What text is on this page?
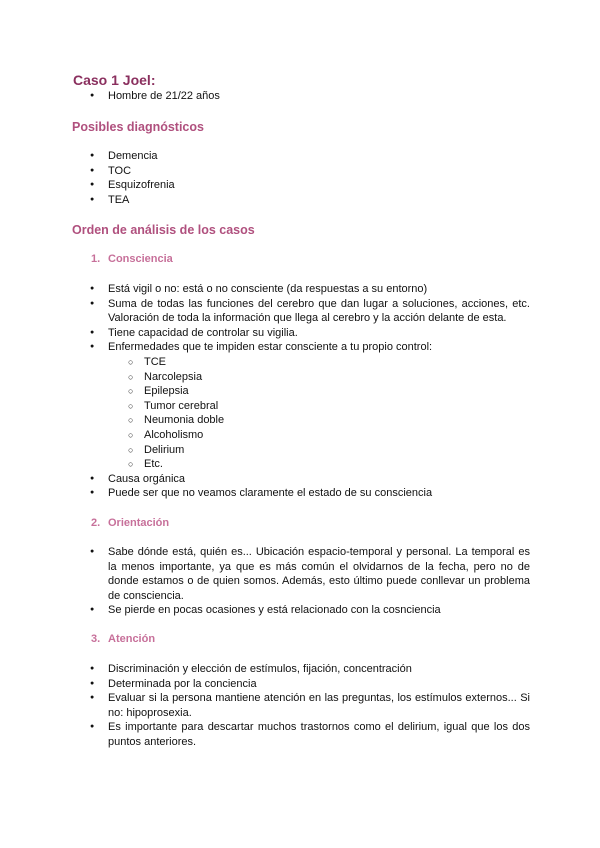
Caso 1 Joel:
● Hombre de 21/22 años
Posibles diagnósticos
● Demencia
● TOC
● Esquizofrenia
● TEA
Orden de análisis de los casos
1. Consciencia
● Está vigil o no: está o no consciente (da respuestas a su entorno)
● Suma de todas las funciones del cerebro que dan lugar a soluciones, acciones, etc. Valoración de toda la información que llega al cerebro y la acción delante de esta.
● Tiene capacidad de controlar su vigilia.
● Enfermedades que te impiden estar consciente a tu propio control:
○ TCE
○ Narcolepsia
○ Epilepsia
○ Tumor cerebral
○ Neumonia doble
○ Alcoholismo
○ Delirium
○ Etc.
● Causa orgánica
● Puede ser que no veamos claramente el estado de su consciencia
2. Orientación
● Sabe dónde está, quién es... Ubicación espacio-temporal y personal. La temporal es la menos importante, ya que es más común el olvidarnos de la fecha, pero no de donde estamos o de quien somos. Además, esto último puede conllevar un problema de consciencia.
● Se pierde en pocas ocasiones y está relacionado con la cosnciencia
3. Atención
● Discriminación y elección de estímulos, fijación, concentración
● Determinada por la conciencia
● Evaluar si la persona mantiene atención en las preguntas, los estímulos externos... Si no: hipoprosexia.
● Es importante para descartar muchos trastornos como el delirium, igual que los dos puntos anteriores.
